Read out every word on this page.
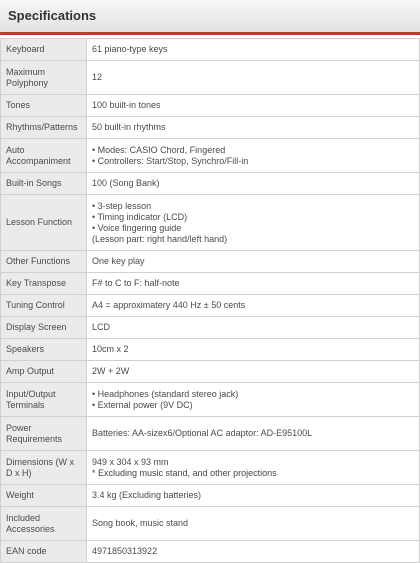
Specifications
Keyboard	61 piano-type keys

Maximum Polyphony	12

Tones	100 built-in tones

Rhythms/Patterns	50 built-in rhythms

Auto Accompaniment	• Modes: CASIO Chord, Fingered
• Controllers: Start/Stop, Synchro/Fill-in

Built-in Songs	100 (Song Bank)

Lesson Function	• 3-step lesson
• Timing indicator (LCD)
• Voice fingering guide
(Lesson part: right hand/left hand)

Other Functions	One key play

Key Transpose	F# to C to F: half-note

Tuning Control	A4 = approximatery 440 Hz ± 50 cents

Display Screen	LCD

Speakers	10cm x 2

Amp Output	2W + 2W

Input/Output Terminals	• Headphones (standard stereo jack)
• External power (9V DC)

Power Requirements	Batteries: AA-sizex6/Optional AC adaptor: AD-E95100L

Dimensions (W x D x H)	949 x 304 x 93 mm
* Excluding music stand, and other projections

Weight	3.4 kg (Excluding batteries)

Included Accessories	Song book, music stand

EAN code	4971850313922
